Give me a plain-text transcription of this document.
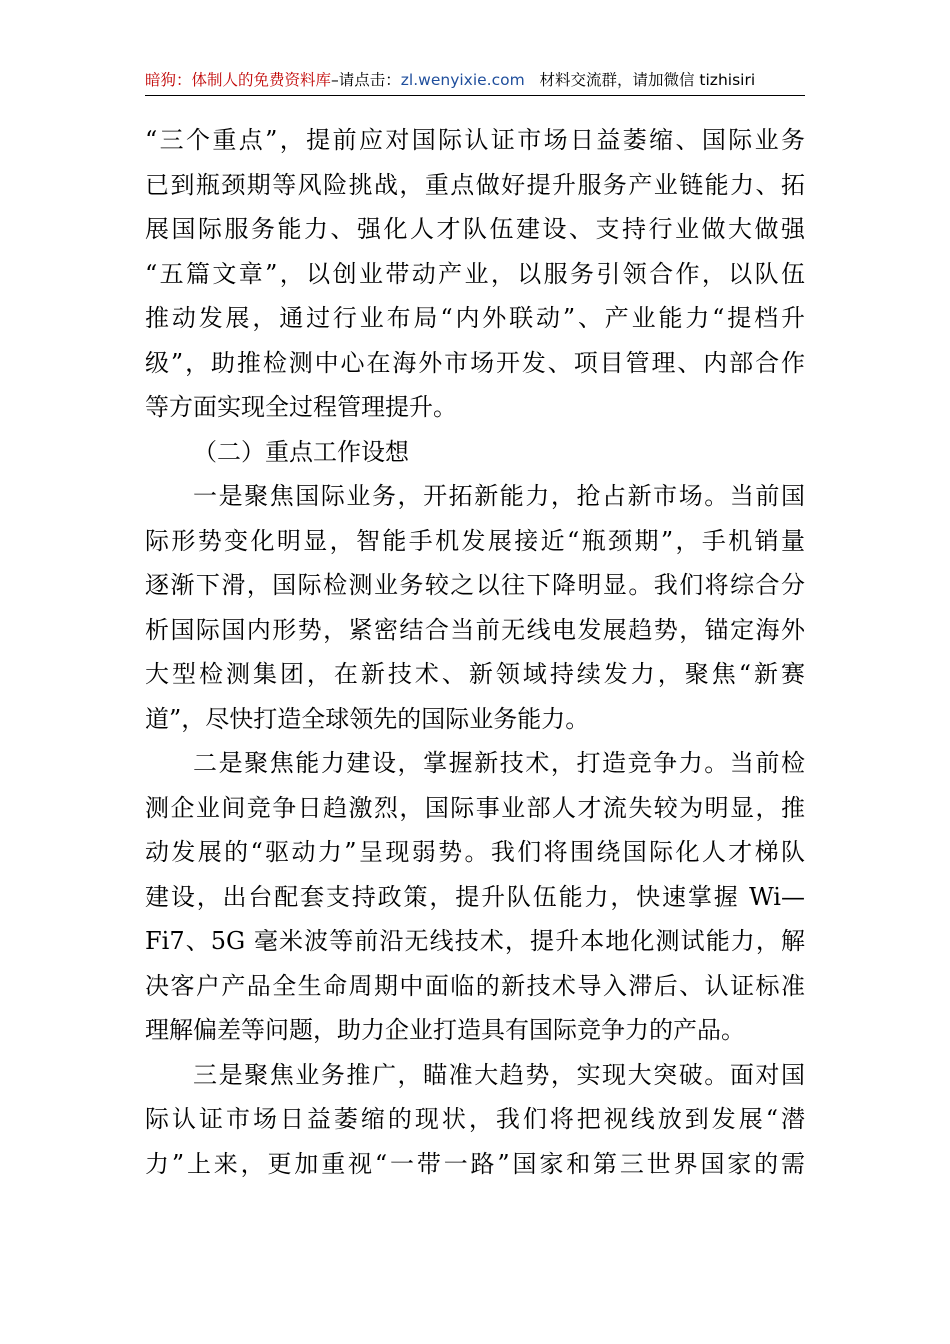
暗狗：体制人的免费资料库–请点击：zl.wenyixie.com 材料交流群，请加微信 tizhisiri
“三个重点”，提前应对国际认证市场日益萎缩、国际业务
已到瓶颈期等风险挑战，重点做好提升服务产业链能力、拓
展国际服务能力、强化人才队伍建设、支持行业做大做强
“五篇文章”，以创业带动产业，以服务引领合作，以队伍
推动发展，通过行业布局“内外联动”、产业能力“提档升
级”，助推检测中心在海外市场开发、项目管理、内部合作
等方面实现全过程管理提升。
（二）重点工作设想
一是聚焦国际业务，开拓新能力，抢占新市场。当前国
际形势变化明显，智能手机发展接近“瓶颈期”，手机销量
逐渐下滑，国际检测业务较之以往下降明显。我们将综合分
析国际国内形势，紧密结合当前无线电发展趋势，锚定海外
大型检测集团，在新技术、新领域持续发力，聚焦“新赛
道”，尽快打造全球领先的国际业务能力。
二是聚焦能力建设，掌握新技术，打造竞争力。当前检
测企业间竞争日趋激烈，国际事业部人才流失较为明显，推
动发展的“驱动力”呈现弱势。我们将围绕国际化人才梯队
建设，出台配套支持政策，提升队伍能力，快速掌握 Wi—
Fi7、5G 毫米波等前沿无线技术，提升本地化测试能力，解
决客户产品全生命周期中面临的新技术导入滞后、认证标准
理解偏差等问题，助力企业打造具有国际竞争力的产品。
三是聚焦业务推广，瞄准大趋势，实现大突破。面对国
际认证市场日益萎缩的现状，我们将把视线放到发展“潜
力”上来，更加重视“一带一路”国家和第三世界国家的需
